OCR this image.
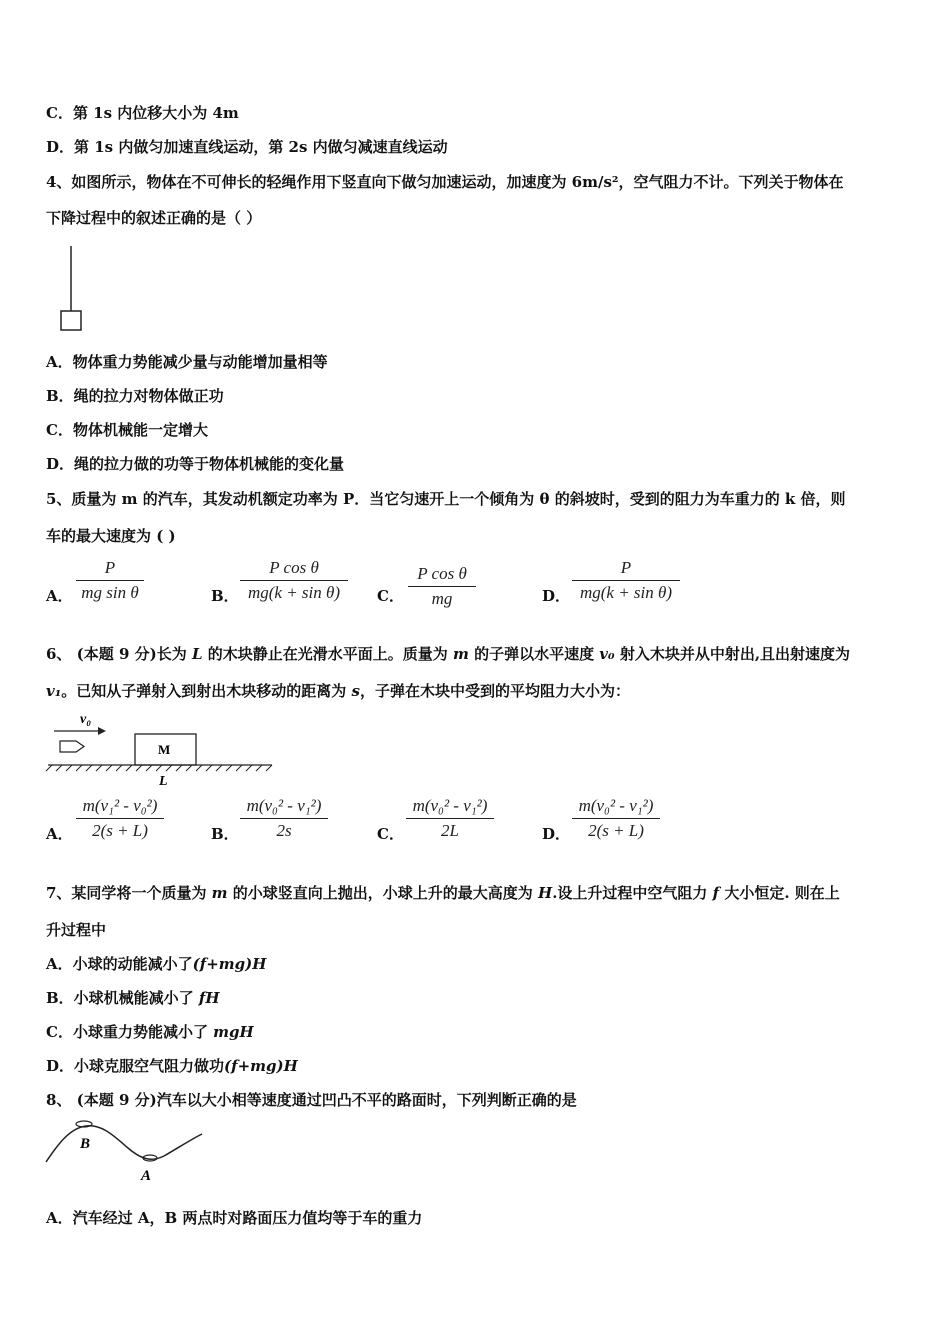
C．第 1s 内位移大小为 4m
D．第 1s 内做匀加速直线运动，第 2s 内做匀减速直线运动
4、如图所示，物体在不可伸长的轻绳作用下竖直向下做匀加速运动，加速度为 6m/s²，空气阻力不计。下列关于物体在
下降过程中的叙述正确的是（ ）
A．物体重力势能减少量与动能增加量相等
B．绳的拉力对物体做正功
C．物体机械能一定增大
D．绳的拉力做的功等于物体机械能的变化量
5、质量为 m 的汽车，其发动机额定功率为 P．当它匀速开上一个倾角为 θ 的斜坡时，受到的阻力为车重力的 k 倍，则
车的最大速度为 ( )
A． $\frac{P}{\text{mg sin θ}}$	B． $\frac{\text{P cos θ}}{\text{mg(k + sin θ)}}$ C． $\frac{\text{P cos θ}}{mg}$	D． $\frac{P}{\text{mg(k + sin θ)}}$
6、 (本题 9 分)长为 L 的木块静止在光滑水平面上。质量为 m 的子弹以水平速度 v₀ 射入木块并从中射出,且出射速度为
v₁。已知从子弹射入到射出木块移动的距离为 s，子弹在木块中受到的平均阻力大小为：
v₀
M
L
A． $\frac{\text{m(v₁² - v₀²)}}{2(s + L)}$	B． $\frac{\text{m(v₀² - v₁²)}}{2s}$	C． $\frac{\text{m(v₀² - v₁²)}}{2L}$	D． $\frac{\text{m(v₀² - v₁²)}}{2(s + L)}$
7、某同学将一个质量为 m 的小球竖直向上抛出，小球上升的最大高度为 H.设上升过程中空气阻力 f 大小恒定. 则在上
升过程中
A．小球的动能减小了(f+mg)H
B．小球机械能减小了 fH
C．小球重力势能减小了 mgH
D．小球克服空气阻力做功(f+mg)H
8、 (本题 9 分)汽车以大小相等速度通过凹凸不平的路面时，下列判断正确的是
B
A
A．汽车经过 A，B 两点时对路面压力值均等于车的重力
